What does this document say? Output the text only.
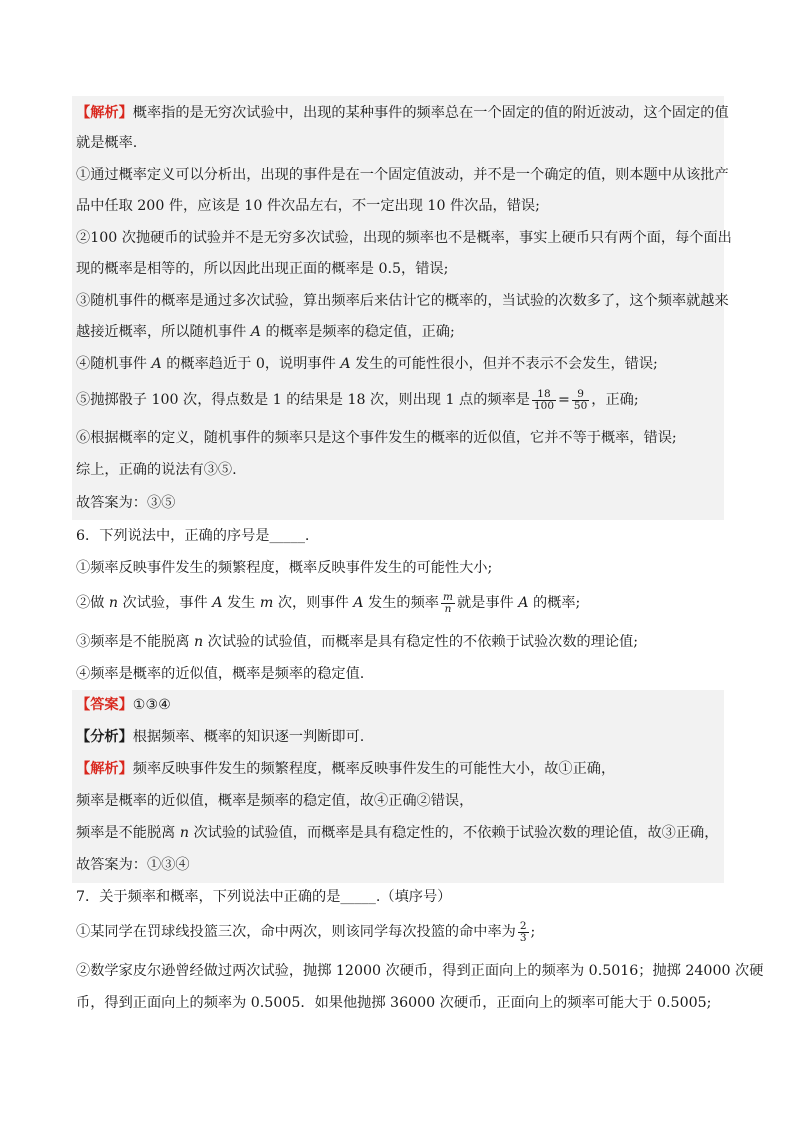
【解析】概率指的是无穷次试验中，出现的某种事件的频率总在一个固定的值的附近波动，这个固定的值
就是概率.
①通过概率定义可以分析出，出现的事件是在一个固定值波动，并不是一个确定的值，则本题中从该批产
品中任取 200 件，应该是 10 件次品左右，不一定出现 10 件次品，错误;
②100 次抛硬币的试验并不是无穷多次试验，出现的频率也不是概率，事实上硬币只有两个面，每个面出
现的概率是相等的，所以因此出现正面的概率是 0.5，错误;
③随机事件的概率是通过多次试验，算出频率后来估计它的概率的，当试验的次数多了，这个频率就越来
越接近概率，所以随机事件 A 的概率是频率的稳定值，正确;
④随机事件 A 的概率趋近于 0，说明事件 A 发生的可能性很小，但并不表示不会发生，错误;
⑤抛掷骰子 100 次，得点数是 1 的结果是 18 次，则出现 1 点的频率是 $\frac{18}{100} = \frac{9}{50}$ ，正确;
⑥根据概率的定义，随机事件的频率只是这个事件发生的概率的近似值，它并不等于概率，错误;
综上，正确的说法有③⑤.
故答案为：③⑤
6．下列说法中，正确的序号是_____.
①频率反映事件发生的频繁程度，概率反映事件发生的可能性大小;
②做 n 次试验，事件 A 发生 m 次，则事件 A 发生的频率 $\frac{m}{n}$ 就是事件 A 的概率;
③频率是不能脱离 n 次试验的试验值，而概率是具有稳定性的不依赖于试验次数的理论值;
④频率是概率的近似值，概率是频率的稳定值.
【答案】①③④
【分析】根据频率、概率的知识逐一判断即可.
【解析】频率反映事件发生的频繁程度，概率反映事件发生的可能性大小，故①正确，
频率是概率的近似值，概率是频率的稳定值，故④正确②错误，
频率是不能脱离 n 次试验的试验值，而概率是具有稳定性的，不依赖于试验次数的理论值，故③正确，
故答案为：①③④
7．关于频率和概率，下列说法中正确的是_____.（填序号）
①某同学在罚球线投篮三次，命中两次，则该同学每次投篮的命中率为 $\frac{2}{3}$ ;
②数学家皮尔逊曾经做过两次试验，抛掷 12000 次硬币，得到正面向上的频率为 0.5016；抛掷 24000 次硬
币，得到正面向上的频率为 0.5005．如果他抛掷 36000 次硬币，正面向上的频率可能大于 0.5005;
